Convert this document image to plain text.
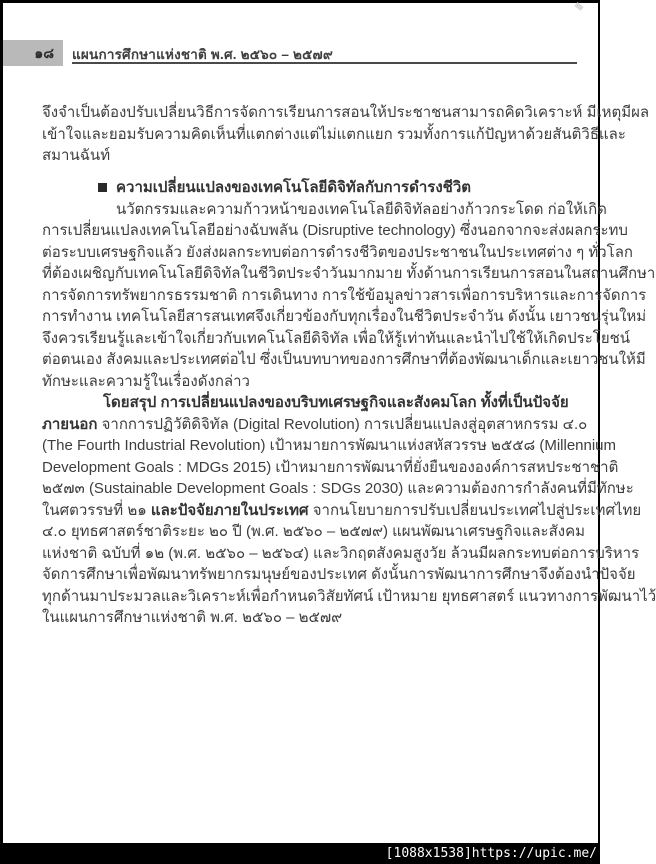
๑๘	แผนการศึกษาแห่งชาติ พ.ศ. ๒๕๖๐ – ๒๕๗๙
จึงจำเป็นต้องปรับเปลี่ยนวิธีการจัดการเรียนการสอนให้ประชาชนสามารถคิดวิเคราะห์ มีเหตุมีผล
เข้าใจและยอมรับความคิดเห็นที่แตกต่างแต่ไม่แตกแยก รวมทั้งการแก้ปัญหาด้วยสันติวิธีและ
สมานฉันท์
ความเปลี่ยนแปลงของเทคโนโลยีดิจิทัลกับการดำรงชีวิต
นวัตกรรมและความก้าวหน้าของเทคโนโลยีดิจิทัลอย่างก้าวกระโดด ก่อให้เกิด
การเปลี่ยนแปลงเทคโนโลยีอย่างฉับพลัน (Disruptive technology) ซึ่งนอกจากจะส่งผลกระทบ
ต่อระบบเศรษฐกิจแล้ว ยังส่งผลกระทบต่อการดำรงชีวิตของประชาชนในประเทศต่าง ๆ ทั่วโลก
ที่ต้องเผชิญกับเทคโนโลยีดิจิทัลในชีวิตประจำวันมากมาย ทั้งด้านการเรียนการสอนในสถานศึกษา
การจัดการทรัพยากรธรรมชาติ การเดินทาง การใช้ข้อมูลข่าวสารเพื่อการบริหารและการจัดการ
การทำงาน เทคโนโลยีสารสนเทศจึงเกี่ยวข้องกับทุกเรื่องในชีวิตประจำวัน ดังนั้น เยาวชนรุ่นใหม่
จึงควรเรียนรู้และเข้าใจเกี่ยวกับเทคโนโลยีดิจิทัล เพื่อให้รู้เท่าทันและนำไปใช้ให้เกิดประโยชน์
ต่อตนเอง สังคมและประเทศต่อไป ซึ่งเป็นบทบาทของการศึกษาที่ต้องพัฒนาเด็กและเยาวชนให้มี
ทักษะและความรู้ในเรื่องดังกล่าว
โดยสรุป การเปลี่ยนแปลงของบริบทเศรษฐกิจและสังคมโลก ทั้งที่เป็นปัจจัย
ภายนอก จากการปฏิวัติดิจิทัล (Digital Revolution) การเปลี่ยนแปลงสู่อุตสาหกรรม ๔.๐
(The Fourth Industrial Revolution) เป้าหมายการพัฒนาแห่งสหัสวรรษ ๒๕๕๘ (Millennium
Development Goals : MDGs 2015) เป้าหมายการพัฒนาที่ยั่งยืนขององค์การสหประชาชาติ
๒๕๗๓ (Sustainable Development Goals : SDGs 2030) และความต้องการกำลังคนที่มีทักษะ
ในศตวรรษที่ ๒๑ และปัจจัยภายในประเทศ จากนโยบายการปรับเปลี่ยนประเทศไปสู่ประเทศไทย
๔.๐ ยุทธศาสตร์ชาติระยะ ๒๐ ปี (พ.ศ. ๒๕๖๐ – ๒๕๗๙) แผนพัฒนาเศรษฐกิจและสังคม
แห่งชาติ ฉบับที่ ๑๒ (พ.ศ. ๒๕๖๐ – ๒๕๖๔) และวิกฤตสังคมสูงวัย ล้วนมีผลกระทบต่อการบริหาร
จัดการศึกษาเพื่อพัฒนาทรัพยากรมนุษย์ของประเทศ ดังนั้นการพัฒนาการศึกษาจึงต้องนำปัจจัย
ทุกด้านมาประมวลและวิเคราะห์เพื่อกำหนดวิสัยทัศน์ เป้าหมาย ยุทธศาสตร์ แนวทางการพัฒนาไว้
ในแผนการศึกษาแห่งชาติ พ.ศ. ๒๕๖๐ – ๒๕๗๙
[1088x1538]https://upic.me/
